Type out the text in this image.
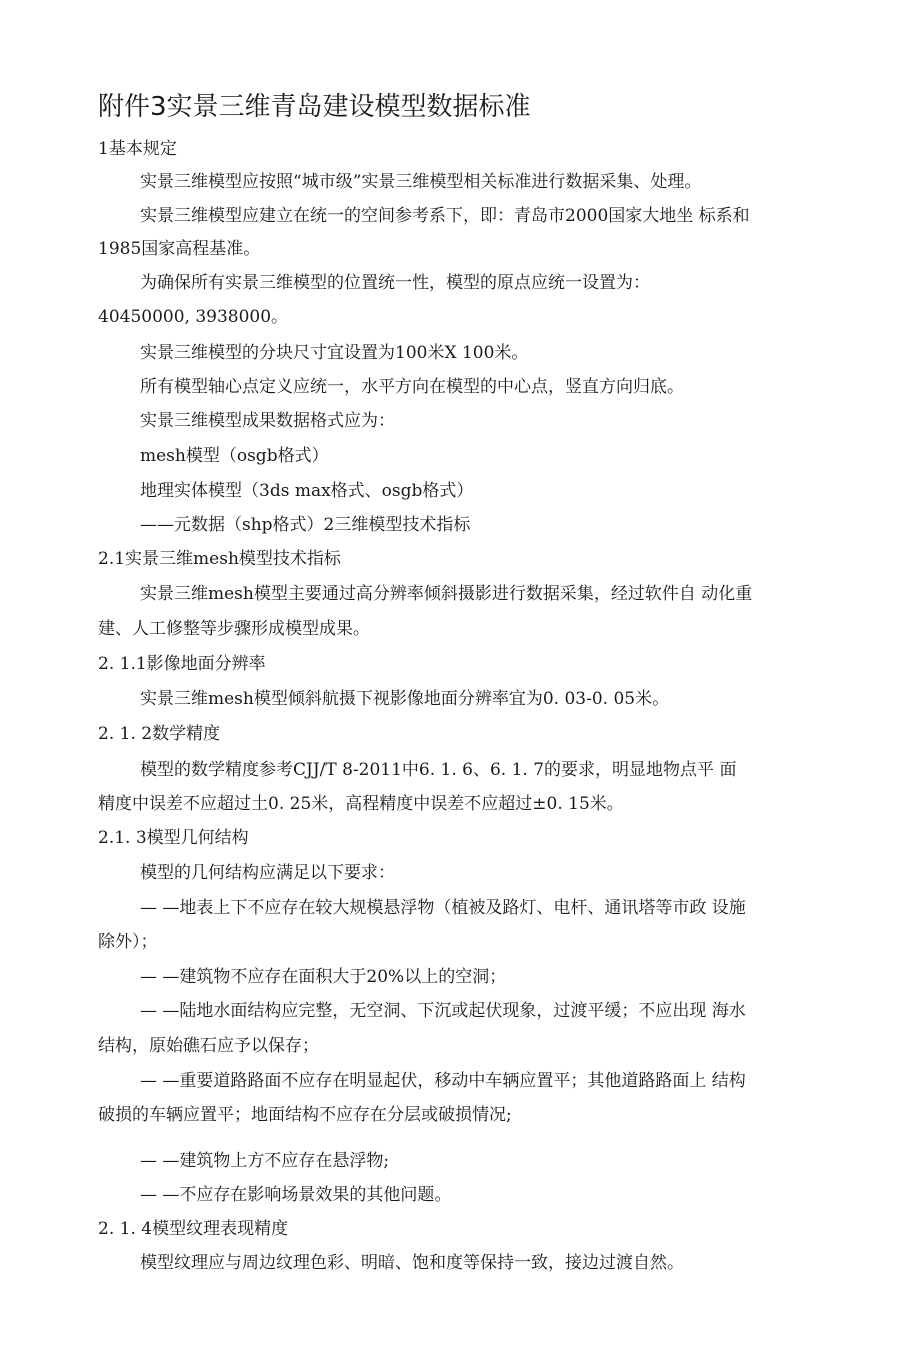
附件3实景三维青岛建设模型数据标准
1基本规定
实景三维模型应按照“城市级”实景三维模型相关标准进行数据采集、处理。
实景三维模型应建立在统一的空间参考系下，即：青岛市2000国家大地坐 标系和
1985国家高程基准。
为确保所有实景三维模型的位置统一性，模型的原点应统一设置为：
40450000, 3938000。
实景三维模型的分块尺寸宜设置为100米X 100米。
所有模型轴心点定义应统一，水平方向在模型的中心点，竖直方向归底。
实景三维模型成果数据格式应为：
mesh模型（osgb格式）
地理实体模型（3ds max格式、osgb格式）
——元数据（shp格式）2三维模型技术指标
2.1实景三维mesh模型技术指标
实景三维mesh模型主要通过高分辨率倾斜摄影进行数据采集，经过软件自 动化重
建、人工修整等步骤形成模型成果。
2. 1.1影像地面分辨率
实景三维mesh模型倾斜航摄下视影像地面分辨率宜为0. 03-0. 05米。
2. 1. 2数学精度
模型的数学精度参考CJJ/T 8-2011中6. 1. 6、6. 1. 7的要求，明显地物点平 面
精度中误差不应超过土0. 25米，高程精度中误差不应超过±0. 15米。
2.1. 3模型几何结构
模型的几何结构应满足以下要求：
— —地表上下不应存在较大规模悬浮物（植被及路灯、电杆、通讯塔等市政 设施
除外）；
— —建筑物不应存在面积大于20%以上的空洞；
— —陆地水面结构应完整，无空洞、下沉或起伏现象，过渡平缓；不应出现 海水
结构，原始礁石应予以保存；
— —重要道路路面不应存在明显起伏，移动中车辆应置平；其他道路路面上 结构
破损的车辆应置平；地面结构不应存在分层或破损情况;
— —建筑物上方不应存在悬浮物;
— —不应存在影响场景效果的其他问题。
2. 1. 4模型纹理表现精度
模型纹理应与周边纹理色彩、明暗、饱和度等保持一致，接边过渡自然。
